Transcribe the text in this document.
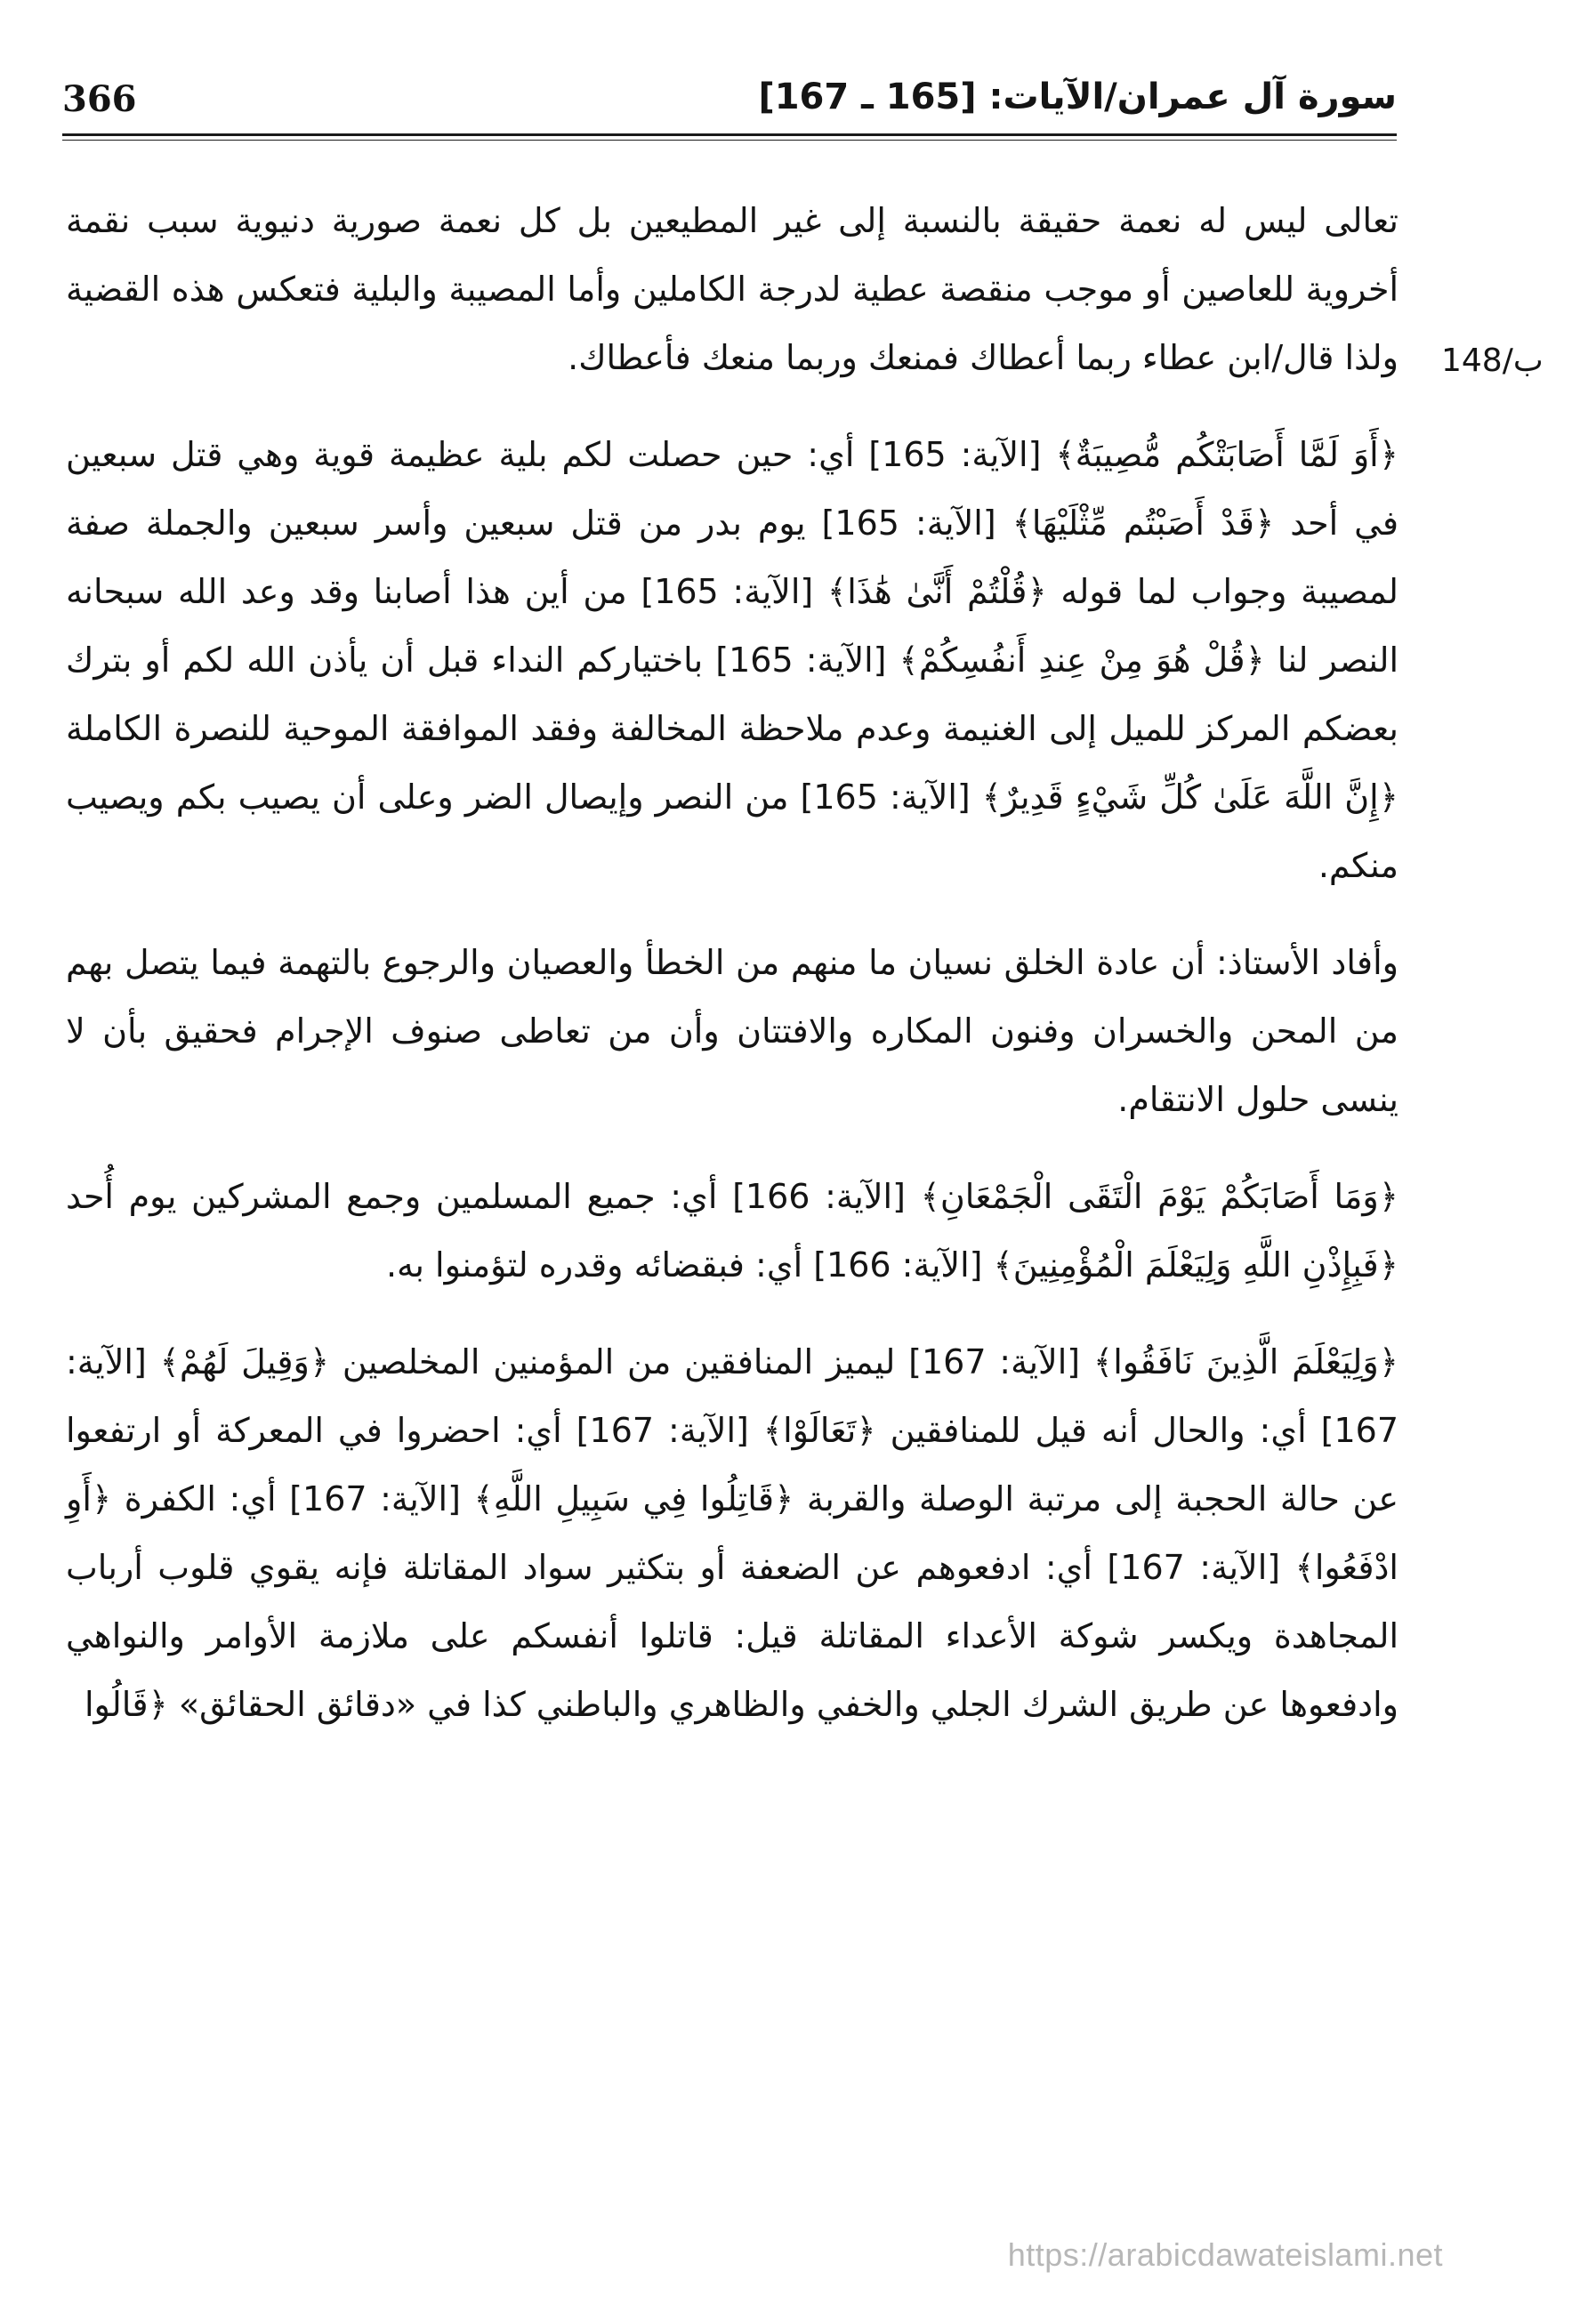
366	سورة آل عمران/الآيات: [165 ـ 167]
148/ب

تعالى ليس له نعمة حقيقة بالنسبة إلى غير المطيعين بل كل نعمة صورية دنيوية سبب نقمة أخروية للعاصين أو موجب منقصة عطية لدرجة الكاملين وأما المصيبة والبلية فتعكس هذه القضية ولذا قال/ابن عطاء ربما أعطاك فمنعك وربما منعك فأعطاك.

﴿أَوَ لَمَّا أَصَابَتْكُم مُّصِيبَةٌ﴾ [الآية: 165] أي: حين حصلت لكم بلية عظيمة قوية وهي قتل سبعين في أحد ﴿قَدْ أَصَبْتُم مِّثْلَيْهَا﴾ [الآية: 165] يوم بدر من قتل سبعين وأسر سبعين والجملة صفة لمصيبة وجواب لما قوله ﴿قُلْتُمْ أَنَّىٰ هَٰذَا﴾ [الآية: 165] من أين هذا أصابنا وقد وعد الله سبحانه النصر لنا ﴿قُلْ هُوَ مِنْ عِندِ أَنفُسِكُمْ﴾ [الآية: 165] باختياركم النداء قبل أن يأذن الله لكم أو بترك بعضكم المركز للميل إلى الغنيمة وعدم ملاحظة المخالفة وفقد الموافقة الموحية للنصرة الكاملة ﴿إِنَّ اللَّهَ عَلَىٰ كُلِّ شَيْءٍ قَدِيرٌ﴾ [الآية: 165] من النصر وإيصال الضر وعلى أن يصيب بكم ويصيب منكم.

وأفاد الأستاذ: أن عادة الخلق نسيان ما منهم من الخطأ والعصيان والرجوع بالتهمة فيما يتصل بهم من المحن والخسران وفنون المكاره والافتتان وأن من تعاطى صنوف الإجرام فحقيق بأن لا ينسى حلول الانتقام.

﴿وَمَا أَصَابَكُمْ يَوْمَ الْتَقَى الْجَمْعَانِ﴾ [الآية: 166] أي: جميع المسلمين وجمع المشركين يوم أُحد ﴿فَبِإِذْنِ اللَّهِ وَلِيَعْلَمَ الْمُؤْمِنِينَ﴾ [الآية: 166] أي: فبقضائه وقدره لتؤمنوا به.

﴿وَلِيَعْلَمَ الَّذِينَ نَافَقُوا﴾ [الآية: 167] ليميز المنافقين من المؤمنين المخلصين ﴿وَقِيلَ لَهُمْ﴾ [الآية: 167] أي: والحال أنه قيل للمنافقين ﴿تَعَالَوْا﴾ [الآية: 167] أي: احضروا في المعركة أو ارتفعوا عن حالة الحجبة إلى مرتبة الوصلة والقربة ﴿قَاتِلُوا فِي سَبِيلِ اللَّهِ﴾ [الآية: 167] أي: الكفرة ﴿أَوِ ادْفَعُوا﴾ [الآية: 167] أي: ادفعوهم عن الضعفة أو بتكثير سواد المقاتلة فإنه يقوي قلوب أرباب المجاهدة ويكسر شوكة الأعداء المقاتلة قيل: قاتلوا أنفسكم على ملازمة الأوامر والنواهي وادفعوها عن طريق الشرك الجلي والخفي والظاهري والباطني كذا في «دقائق الحقائق» ﴿قَالُوا

https://arabicdawateislami.net
